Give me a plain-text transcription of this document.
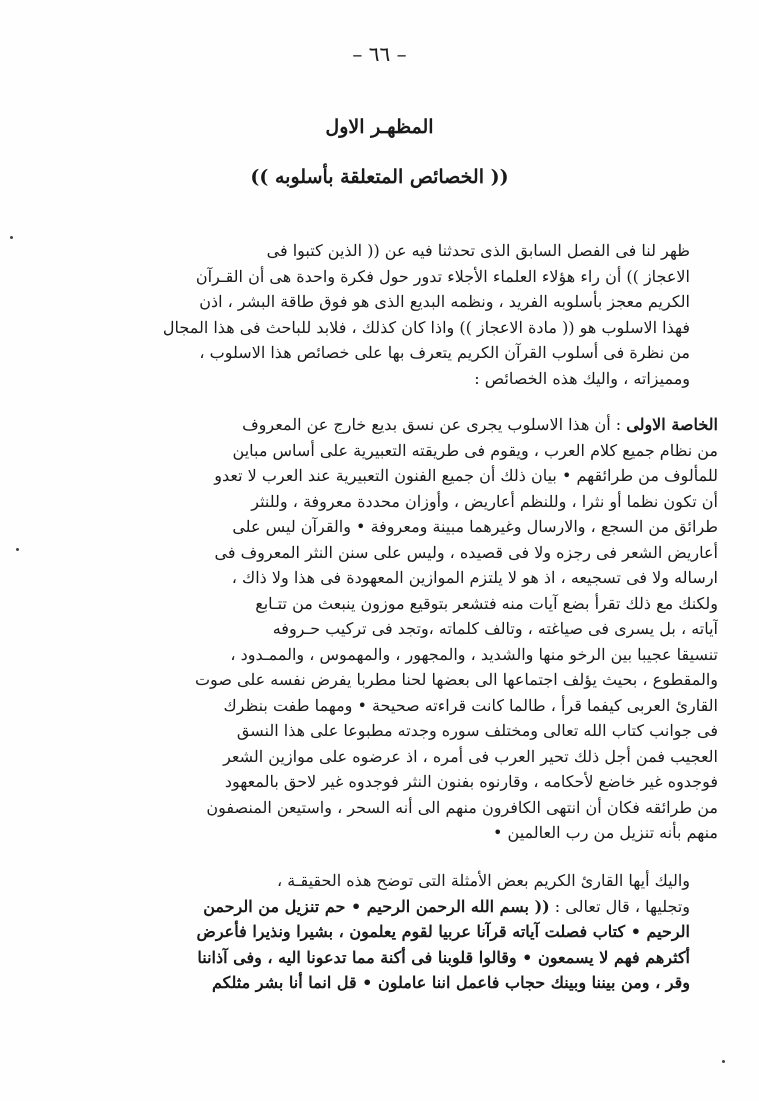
– ٦٦ –
المظهـر الاول
(( الخصائص المتعلقة بأسلوبه ))
ظهر لنا فى الفصل السابق الذى تحدثنا فيه عن (( الذين كتبوا فى
الاعجاز )) أن راء هؤلاء العلماء الأجلاء تدور حول فكرة واحدة هى أن القـرآن
الكريم معجز بأسلوبه الفريد ، ونظمه البديع الذى هو فوق طاقة البشر ، اذن
فهذا الاسلوب هو (( مادة الاعجاز )) واذا كان كذلك ، فلابد للباحث فى هذا المجال
من نظرة فى أسلوب القرآن الكريم يتعرف بها على خصائص هذا الاسلوب ،
ومميزاته ، واليك هذه الخصائص :
الخاصة الاولى : أن هذا الاسلوب يجرى عن نسق بديع خارج عن المعروف
من نظام جميع كلام العرب ، ويقوم فى طريقته التعبيرية على أساس مباين
للمألوف من طرائقهم • بيان ذلك أن جميع الفنون التعبيرية عند العرب لا تعدو
أن تكون نظما أو نثرا ، وللنظم أعاريض ، وأوزان محددة معروفة ، وللنثر
طرائق من السجع ، والارسال وغيرهما مبينة ومعروفة • والقرآن ليس على
أعاريض الشعر فى رجزه ولا فى قصيده ، وليس على سنن النثر المعروف فى
ارساله ولا فى تسجيعه ، اذ هو لا يلتزم الموازين المعهودة فى هذا ولا ذاك ،
ولكنك مع ذلك تقرأ بضع آيات منه فتشعر بتوقيع موزون ينبعث من تتـابع
آياته ، بل يسرى فى صياغته ، وتالف كلماته ،وتجد فى تركيب حـروفه
تنسيقا عجيبا بين الرخو منها والشديد ، والمجهور ، والمهموس ، والممـدود ،
والمقطوع ، بحيث يؤلف اجتماعها الى بعضها لحنا مطربا يفرض نفسه على صوت
القارئ العربى كيفما قرأ ، طالما كانت قراءته صحيحة • ومهما طفت بنظرك
فى جوانب كتاب الله تعالى ومختلف سوره وجدته مطبوعا على هذا النسق
العجيب فمن أجل ذلك تحير العرب فى أمره ، اذ عرضوه على موازين الشعر
فوجدوه غير خاضع لأحكامه ، وقارنوه بفنون النثر فوجدوه غير لاحق بالمعهود
من طرائقه فكان أن انتهى الكافرون منهم الى أنه السحر ، واستيعن المنصفون
منهم بأنه تنزيل من رب العالمين •
واليك أيها القارئ الكريم بعض الأمثلة التى توضح هذه الحقيقـة ،
وتجليها ، قال تعالى : (( بسم الله الرحمن الرحيم • حم تنزيل من الرحمن
الرحيم • كتاب فصلت آياته قرآنا عربيا لقوم يعلمون ، بشيرا ونذيرا فأعرض
أكثرهم فهم لا يسمعون • وقالوا قلوبنا فى أكنة مما تدعونا اليه ، وفى آذاننا
وقر ، ومن بيننا وبينك حجاب فاعمل اننا عاملون • قل انما أنا بشر مثلكم
